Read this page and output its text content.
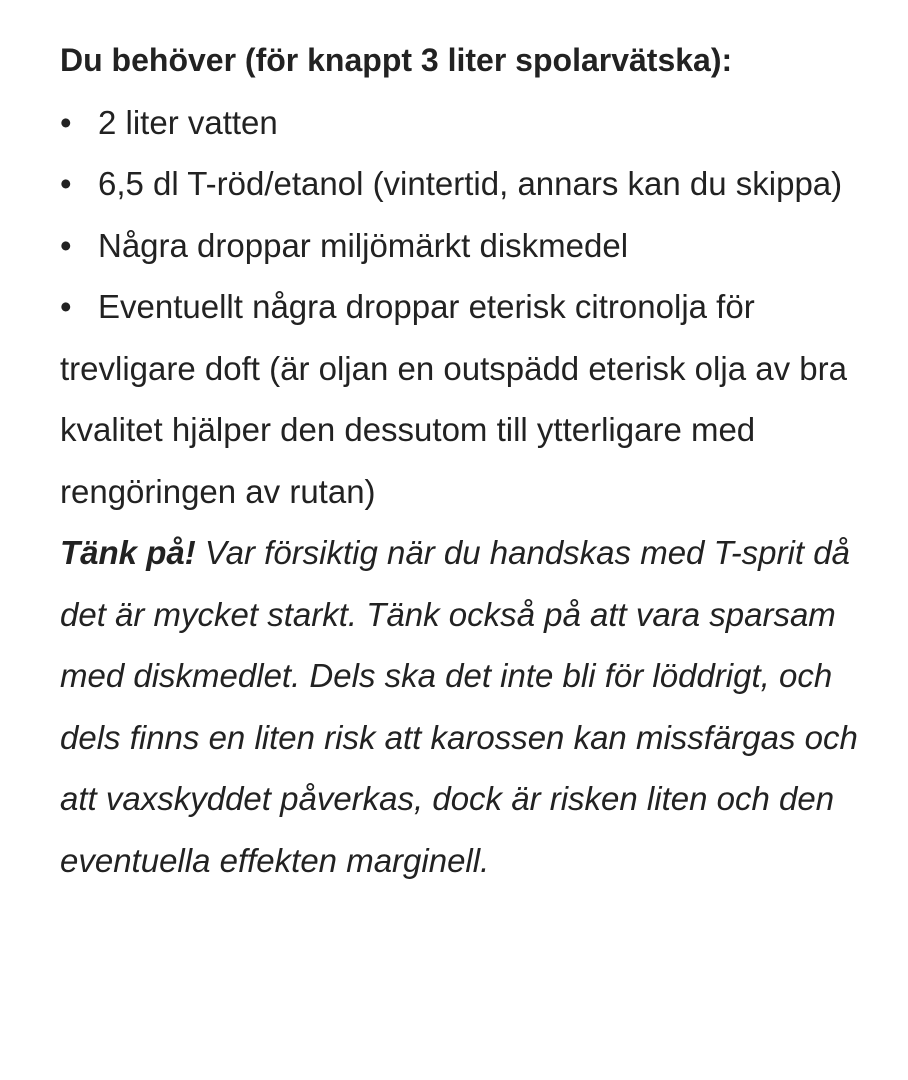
Du behöver (för knappt 3 liter spolarvätska):

• 2 liter vatten
• 6,5 dl T-röd/etanol (vintertid, annars kan du skippa)
• Några droppar miljömärkt diskmedel
• Eventuellt några droppar eterisk citronolja för trevligare doft (är oljan en outspädd eterisk olja av bra kvalitet hjälper den dessutom till ytterligare med rengöringen av rutan)

Tänk på! Var försiktig när du handskas med T-sprit då det är mycket starkt. Tänk också på att vara sparsam med diskmedlet. Dels ska det inte bli för löddrigt, och dels finns en liten risk att karossen kan missfärgas och att vaxskyddet påverkas, dock är risken liten och den eventuella effekten marginell.
